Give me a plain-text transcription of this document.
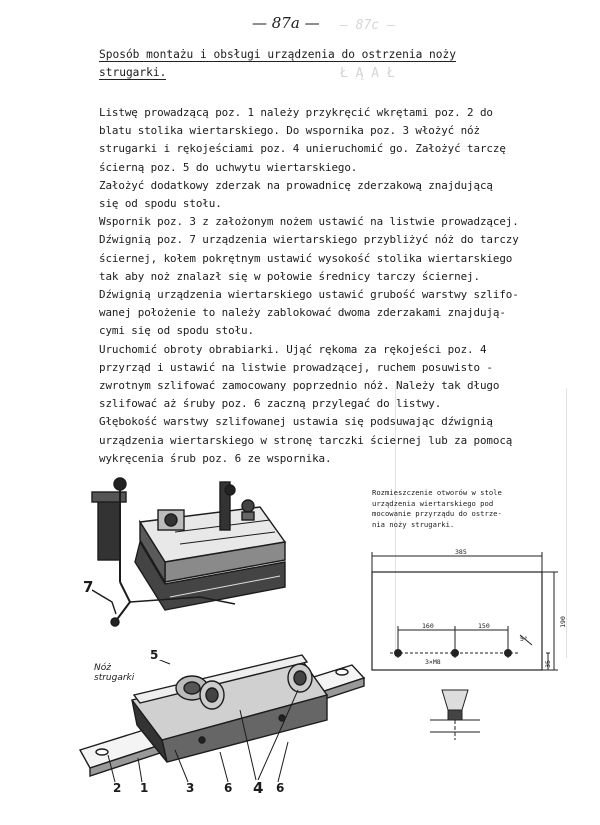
— 87a — ‒ 87c ‒
Ł Ą A Ł
Sposób montażu i obsługi urządzenia do ostrzenia noży
strugarki.
Listwę prowadzącą poz. 1 należy przykręcić wkrętami poz. 2 do
blatu stolika wiertarskiego. Do wspornika poz. 3 włożyć nóż
strugarki i rękojeściami poz. 4 unieruchomić go. Założyć tarczę
ścierną poz. 5 do uchwytu wiertarskiego.
Założyć dodatkowy zderzak na prowadnicę zderzakową znajdującą
się od spodu stołu.
Wspornik poz. 3 z założonym nożem ustawić na listwie prowadzącej.
Dźwignią poz. 7 urządzenia wiertarskiego przybliżyć nóż do tarczy
ściernej, kołem pokrętnym ustawić wysokość stolika wiertarskiego
tak aby noż znalazł się w połowie średnicy tarczy ściernej.
Dźwignią urządzenia wiertarskiego ustawić grubość warstwy szlifo-
wanej położenie to należy zablokować dwoma zderzakami znajdują-
cymi się od spodu stołu.
Uruchomić obroty obrabiarki. Ująć rękoma za rękojeści poz. 4
przyrząd i ustawić na listwie prowadzącej, ruchem posuwisto -
zwrotnym szlifować zamocowany poprzednio nóż. Należy tak długo
szlifować aż śruby poz. 6 zaczną przylegać do listwy.
Głębokość warstwy szlifowanej ustawia się podsuwając dźwignią
urządzenia wiertarskiego w stronę tarczki ściernej lub za pomocą
wykręcenia śrub poz. 6 ze wspornika.
7
Nóż
strugarki
5
2 1	3 6 4 6
Rozmieszczenie otworów w stole
urządzenia wiertarskiego pod
mocowanie przyrządu do ostrze-
nia noży strugarki.
385
160	150
3×M8
5°
190
35
